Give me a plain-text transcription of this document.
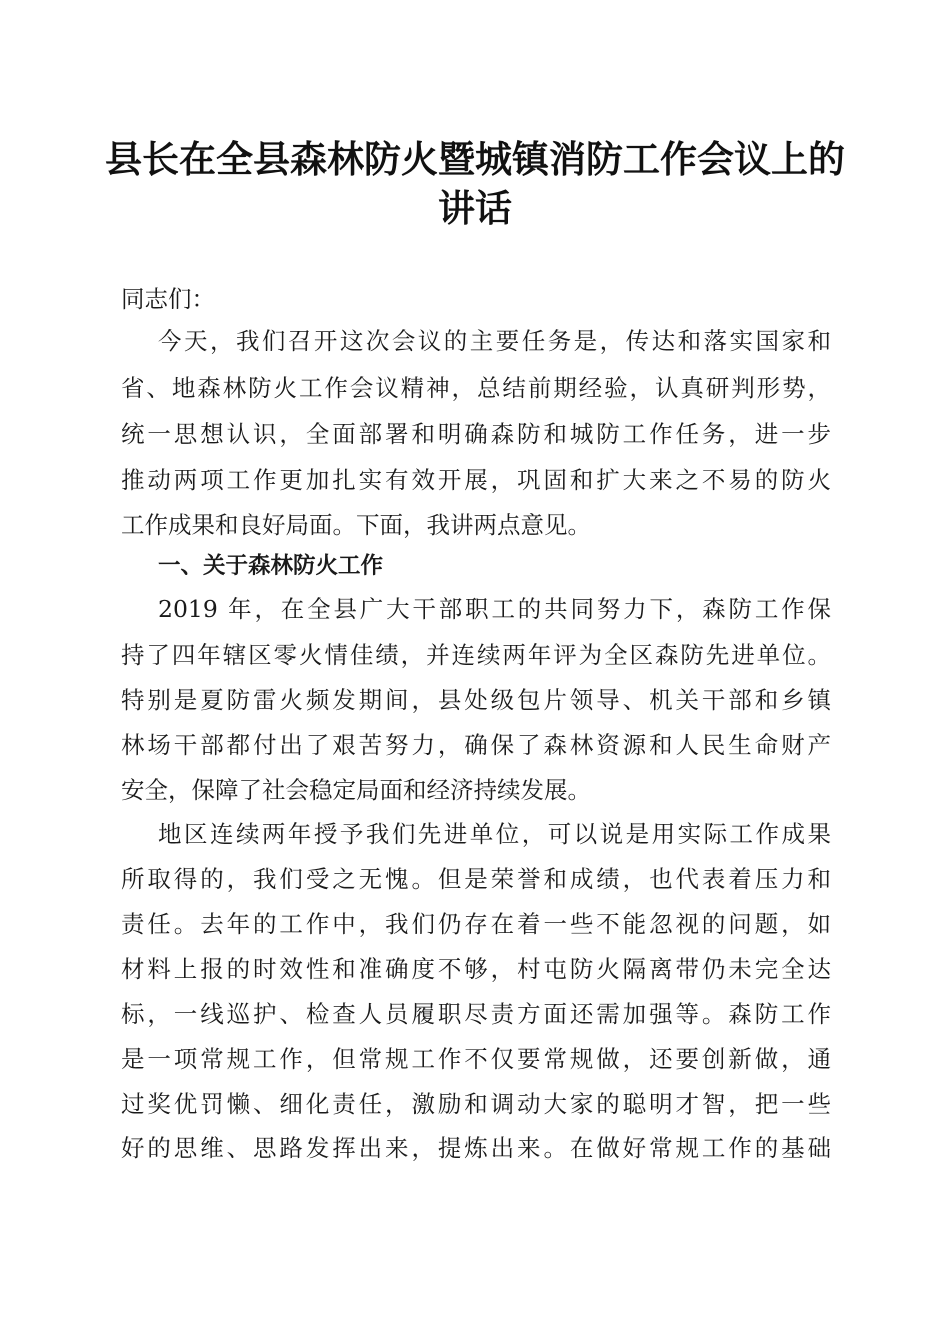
县长在全县森林防火暨城镇消防工作会议上的
讲话
同志们：
今天，我们召开这次会议的主要任务是，传达和落实国家和
省、地森林防火工作会议精神，总结前期经验，认真研判形势，
统一思想认识，全面部署和明确森防和城防工作任务，进一步
推动两项工作更加扎实有效开展，巩固和扩大来之不易的防火
工作成果和良好局面。下面，我讲两点意见。
一、关于森林防火工作
2019 年，在全县广大干部职工的共同努力下，森防工作保
持了四年辖区零火情佳绩，并连续两年评为全区森防先进单位。
特别是夏防雷火频发期间，县处级包片领导、机关干部和乡镇
林场干部都付出了艰苦努力，确保了森林资源和人民生命财产
安全，保障了社会稳定局面和经济持续发展。
地区连续两年授予我们先进单位，可以说是用实际工作成果
所取得的，我们受之无愧。但是荣誉和成绩，也代表着压力和
责任。去年的工作中，我们仍存在着一些不能忽视的问题，如
材料上报的时效性和准确度不够，村屯防火隔离带仍未完全达
标，一线巡护、检查人员履职尽责方面还需加强等。森防工作
是一项常规工作，但常规工作不仅要常规做，还要创新做，通
过奖优罚懒、细化责任，激励和调动大家的聪明才智，把一些
好的思维、思路发挥出来，提炼出来。在做好常规工作的基础
